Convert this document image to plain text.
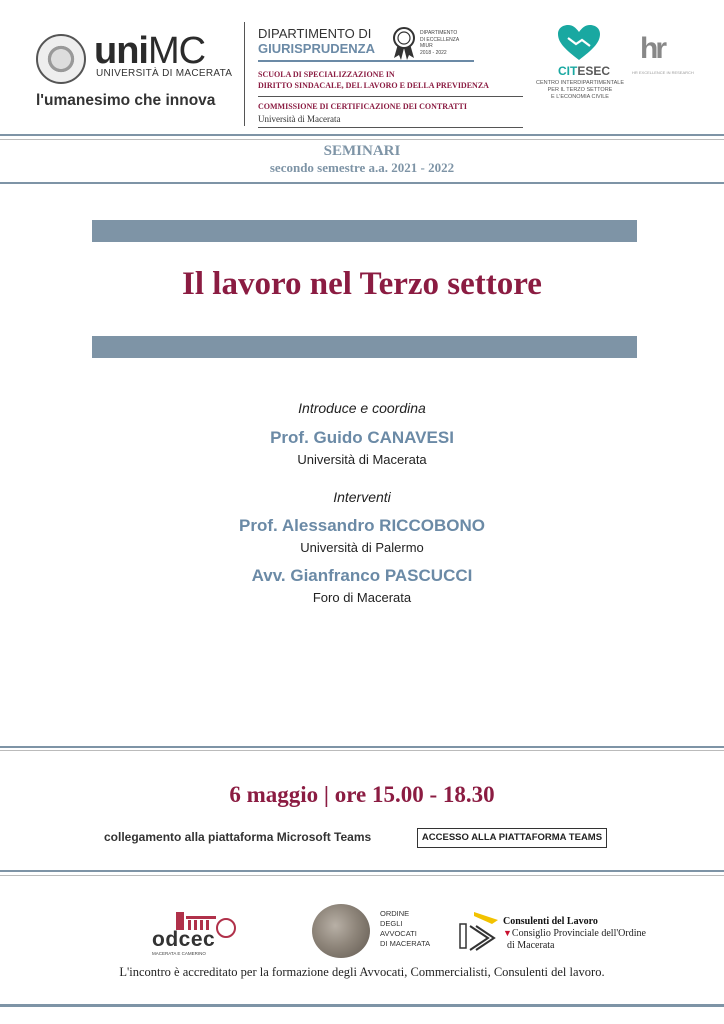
uniMC
UNIVERSITÀ DI MACERATA
l'umanesimo che innova
DIPARTIMENTO DI
GIURISPRUDENZA
DIPARTIMENTO
DI ECCELLENZA
MIUR
2018 - 2022
SCUOLA DI SPECIALIZZAZIONE IN
DIRITTO SINDACALE, DEL LAVORO E DELLA PREVIDENZA
COMMISSIONE DI CERTIFICAZIONE DEI CONTRATTI
Università di Macerata
CITESEC
CENTRO INTERDIPARTIMENTALE
PER IL TERZO SETTORE
E L'ECONOMIA CIVILE
hr
HR EXCELLENCE IN RESEARCH
SEMINARI
secondo semestre a.a. 2021 - 2022
Il lavoro nel Terzo settore
Introduce e coordina
Prof. Guido CANAVESI
Università di Macerata
Interventi
Prof. Alessandro RICCOBONO
Università di Palermo
Avv. Gianfranco PASCUCCI
Foro di Macerata
6 maggio | ore 15.00 - 18.30
collegamento alla piattaforma Microsoft Teams	ACCESSO ALLA PIATTAFORMA TEAMS
odcec
MACERATA E CAMERINO
ORDINE
DEGLI
AVVOCATI
DI MACERATA
Consulenti del Lavoro
▼Consiglio Provinciale dell'Ordine
di Macerata
L'incontro è accreditato per la formazione degli Avvocati, Commercialisti, Consulenti del lavoro.
